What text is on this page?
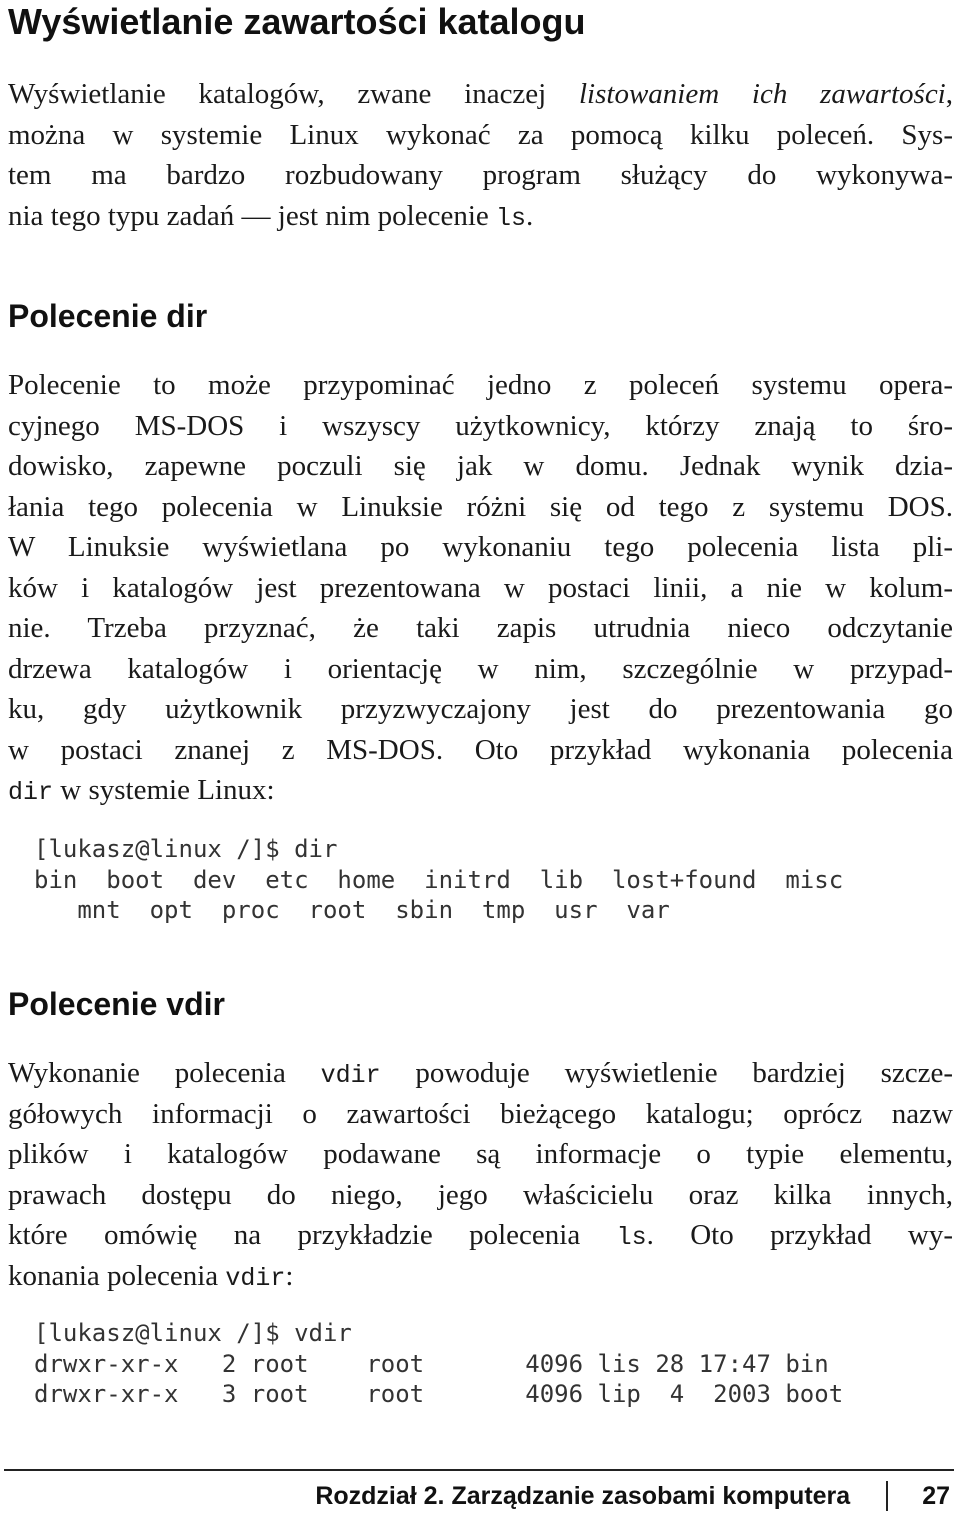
Wyświetlanie zawartości katalogu
Wyświetlanie katalogów, zwane inaczej listowaniem ich zawartości,
można w systemie Linux wykonać za pomocą kilku poleceń. Sys-
tem ma bardzo rozbudowany program służący do wykonywa-
nia tego typu zadań — jest nim polecenie ls.
Polecenie dir
Polecenie to może przypominać jedno z poleceń systemu opera-
cyjnego MS-DOS i wszyscy użytkownicy, którzy znają to śro-
dowisko, zapewne poczuli się jak w domu. Jednak wynik dzia-
łania tego polecenia w Linuksie różni się od tego z systemu DOS.
W Linuksie wyświetlana po wykonaniu tego polecenia lista pli-
ków i katalogów jest prezentowana w postaci linii, a nie w kolum-
nie. Trzeba przyznać, że taki zapis utrudnia nieco odczytanie
drzewa katalogów i orientację w nim, szczególnie w przypad-
ku, gdy użytkownik przyzwyczajony jest do prezentowania go
w postaci znanej z MS-DOS. Oto przykład wykonania polecenia
dir w systemie Linux:
[lukasz@linux /]$ dir
bin  boot  dev  etc  home  initrd  lib  lost+found  misc
mnt  opt  proc  root  sbin  tmp  usr  var
Polecenie vdir
Wykonanie polecenia vdir powoduje wyświetlenie bardziej szcze-
gółowych informacji o zawartości bieżącego katalogu; oprócz nazw
plików i katalogów podawane są informacje o typie elementu,
prawach dostępu do niego, jego właścicielu oraz kilka innych,
które omówię na przykładzie polecenia ls. Oto przykład wy-
konania polecenia vdir:
[lukasz@linux /]$ vdir
drwxr-xr-x   2 root    root       4096 lis 28 17:47 bin
drwxr-xr-x   3 root    root       4096 lip  4  2003 boot
Rozdział 2. Zarządzanie zasobami komputera	27
